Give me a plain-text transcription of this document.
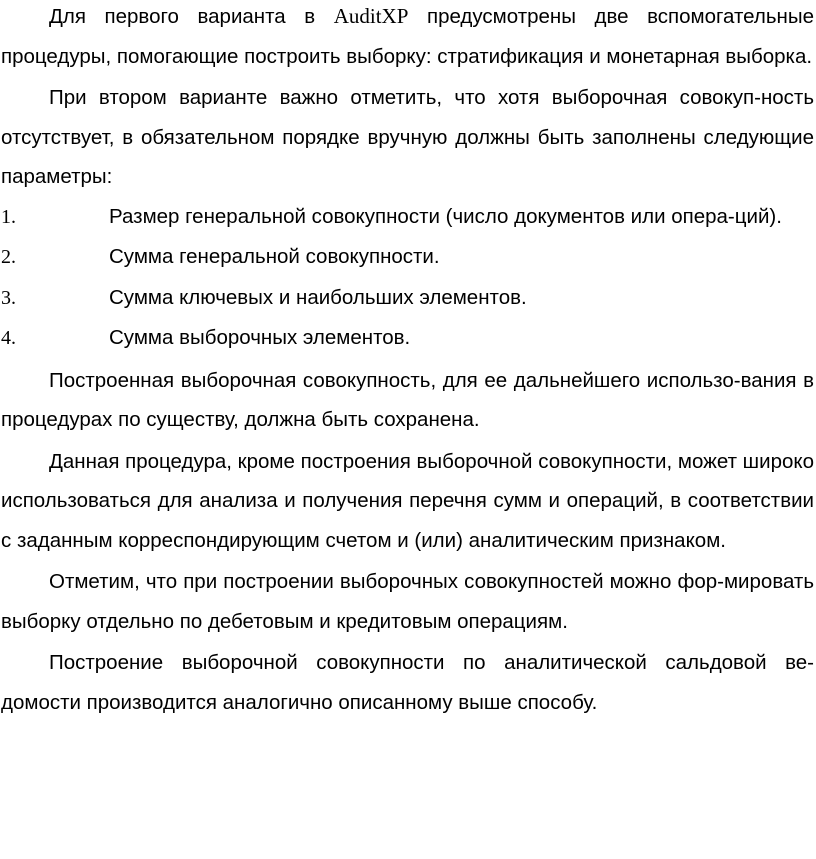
Для первого варианта в AuditXP предусмотрены две вспомогательные процедуры, помогающие построить выборку: стратификация и монетарная выборка.

При втором варианте важно отметить, что хотя выборочная совокуп-ность отсутствует, в обязательном порядке вручную должны быть заполнены следующие параметры:

1.	Размер генеральной совокупности (число документов или опера-ций).

2.	Сумма генеральной совокупности.

3.	Сумма ключевых и наибольших элементов.

4.	Сумма выборочных элементов.

Построенная выборочная совокупность, для ее дальнейшего использо-вания в процедурах по существу, должна быть сохранена.

Данная процедура, кроме построения выборочной совокупности, может широко использоваться для анализа и получения перечня сумм и операций, в соответствии с заданным корреспондирующим счетом и (или) аналитическим признаком.

Отметим, что при построении выборочных совокупностей можно фор-мировать выборку отдельно по дебетовым и кредитовым операциям.

Построение выборочной совокупности по аналитической сальдовой ве-домости производится аналогично описанному выше способу.
